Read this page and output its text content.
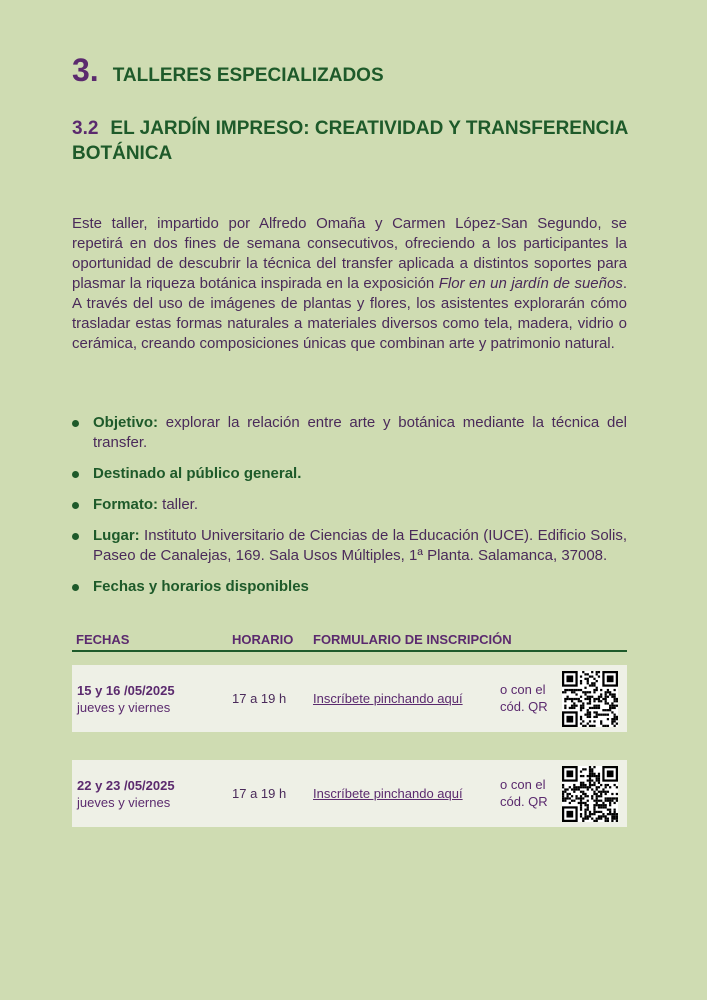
3. TALLERES ESPECIALIZADOS
3.2 EL JARDÍN IMPRESO: CREATIVIDAD Y TRANSFERENCIA BOTÁNICA
Este taller, impartido por Alfredo Omaña y Carmen López-San Segundo, se repetirá en dos fines de semana consecutivos, ofreciendo a los participantes la oportunidad de descubrir la técnica del transfer aplicada a distintos soportes para plasmar la riqueza botánica inspirada en la exposición Flor en un jardín de sueños. A través del uso de imágenes de plantas y flores, los asistentes explorarán cómo trasladar estas formas naturales a materiales diversos como tela, madera, vidrio o cerámica, creando composiciones únicas que combinan arte y patrimonio natural.
Objetivo: explorar la relación entre arte y botánica mediante la técnica del transfer.
Destinado al público general.
Formato: taller.
Lugar: Instituto Universitario de Ciencias de la Educación (IUCE). Edificio Solis, Paseo de Canalejas, 169. Sala Usos Múltiples, 1ª Planta. Salamanca, 37008.
Fechas y horarios disponibles
FECHAS	HORARIO FORMULARIO DE INSCRIPCIÓN
15 y 16 /05/2025
jueves y viernes
17 a 19 h Inscríbete pinchando aquí
o con el
cód. QR
22 y 23 /05/2025
jueves y viernes
17 a 19 h Inscríbete pinchando aquí
o con el
cód. QR
